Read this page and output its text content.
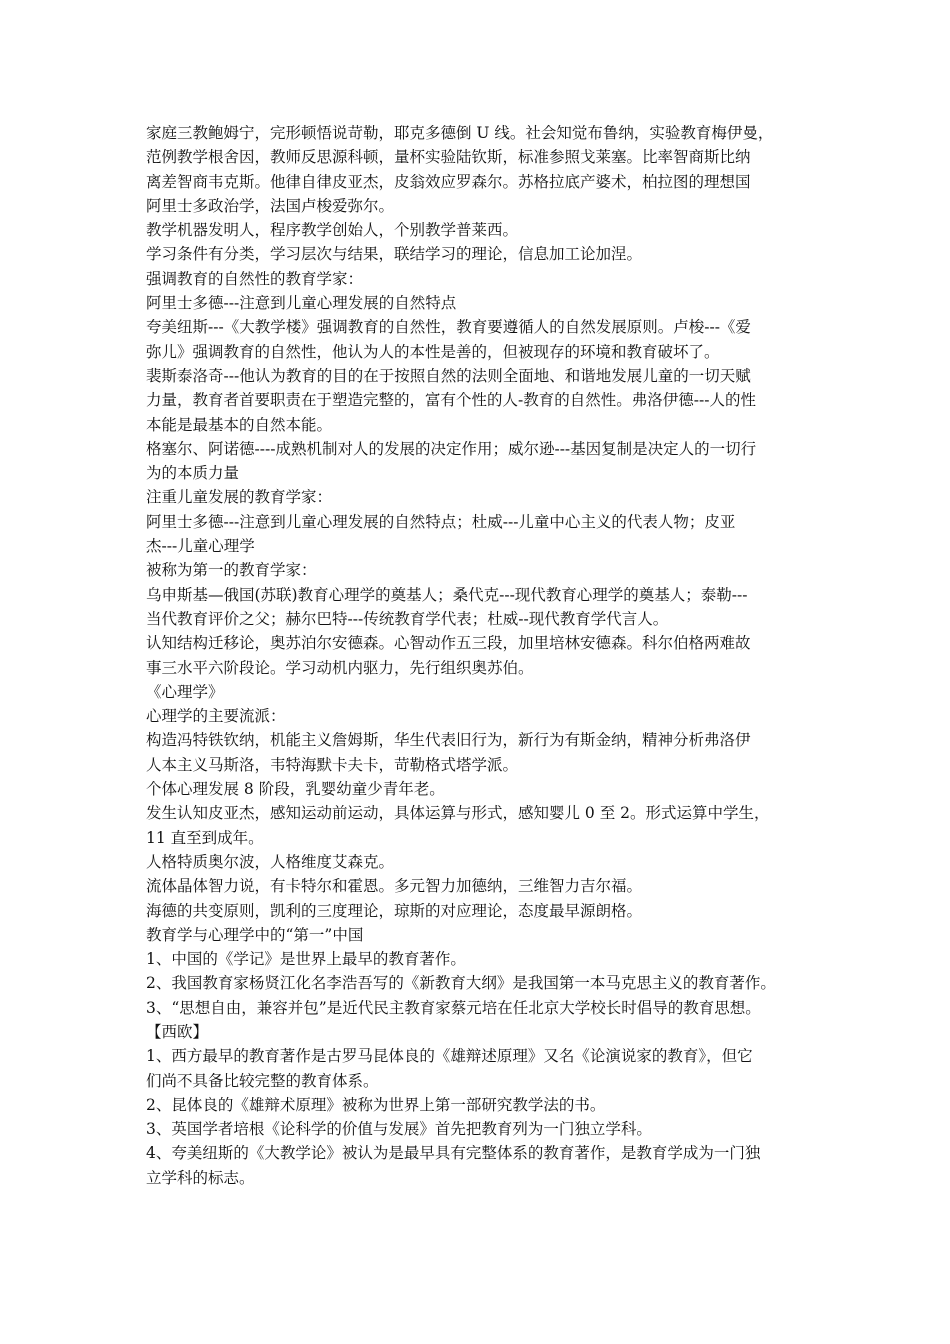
家庭三教鲍姆宁，完形顿悟说苛勒，耶克多德倒 U 线。社会知觉布鲁纳，实验教育梅伊曼，

范例教学根舍因，教师反思源科顿，量杯实验陆钦斯，标准参照戈莱塞。比率智商斯比纳

离差智商韦克斯。他律自律皮亚杰，皮翁效应罗森尔。苏格拉底产婆术，柏拉图的理想国

阿里士多政治学，法国卢梭爱弥尔。

教学机器发明人，程序教学创始人，个别教学普莱西。

学习条件有分类，学习层次与结果，联结学习的理论，信息加工论加涅。

强调教育的自然性的教育学家：

阿里士多德---注意到儿童心理发展的自然特点

夸美纽斯---《大教学楼》强调教育的自然性，教育要遵循人的自然发展原则。卢梭---《爱

弥儿》强调教育的自然性，他认为人的本性是善的，但被现存的环境和教育破坏了。

裴斯泰洛奇---他认为教育的目的在于按照自然的法则全面地、和谐地发展儿童的一切天赋

力量，教育者首要职责在于塑造完整的，富有个性的人-教育的自然性。弗洛伊德---人的性

本能是最基本的自然本能。

格塞尔、阿诺德----成熟机制对人的发展的决定作用；威尔逊---基因复制是决定人的一切行

为的本质力量

注重儿童发展的教育学家：

阿里士多德---注意到儿童心理发展的自然特点；杜威---儿童中心主义的代表人物；皮亚

杰---儿童心理学

被称为第一的教育学家：

乌申斯基—俄国(苏联)教育心理学的奠基人；桑代克---现代教育心理学的奠基人；泰勒---

当代教育评价之父；赫尔巴特---传统教育学代表；杜威--现代教育学代言人。

认知结构迁移论，奥苏泊尔安德森。心智动作五三段，加里培林安德森。科尔伯格两难故

事三水平六阶段论。学习动机内驱力，先行组织奥苏伯。

《心理学》

心理学的主要流派：

构造冯特铁钦纳，机能主义詹姆斯，华生代表旧行为，新行为有斯金纳，精神分析弗洛伊

人本主义马斯洛，韦特海默卡夫卡，苛勒格式塔学派。

个体心理发展 8 阶段，乳婴幼童少青年老。

发生认知皮亚杰，感知运动前运动，具体运算与形式，感知婴儿 0 至 2。形式运算中学生，

11 直至到成年。

人格特质奥尔波，人格维度艾森克。

流体晶体智力说，有卡特尔和霍恩。多元智力加德纳，三维智力吉尔福。

海德的共变原则，凯利的三度理论，琼斯的对应理论，态度最早源朗格。

教育学与心理学中的“第一”中国

1、中国的《学记》是世界上最早的教育著作。

2、我国教育家杨贤江化名李浩吾写的《新教育大纲》是我国第一本马克思主义的教育著作。

3、“思想自由，兼容并包”是近代民主教育家蔡元培在任北京大学校长时倡导的教育思想。

【西欧】

1、西方最早的教育著作是古罗马昆体良的《雄辩述原理》又名《论演说家的教育》，但它

们尚不具备比较完整的教育体系。

2、昆体良的《雄辩术原理》被称为世界上第一部研究教学法的书。

3、英国学者培根《论科学的价值与发展》首先把教育列为一门独立学科。

4、夸美纽斯的《大教学论》被认为是最早具有完整体系的教育著作，是教育学成为一门独

立学科的标志。
